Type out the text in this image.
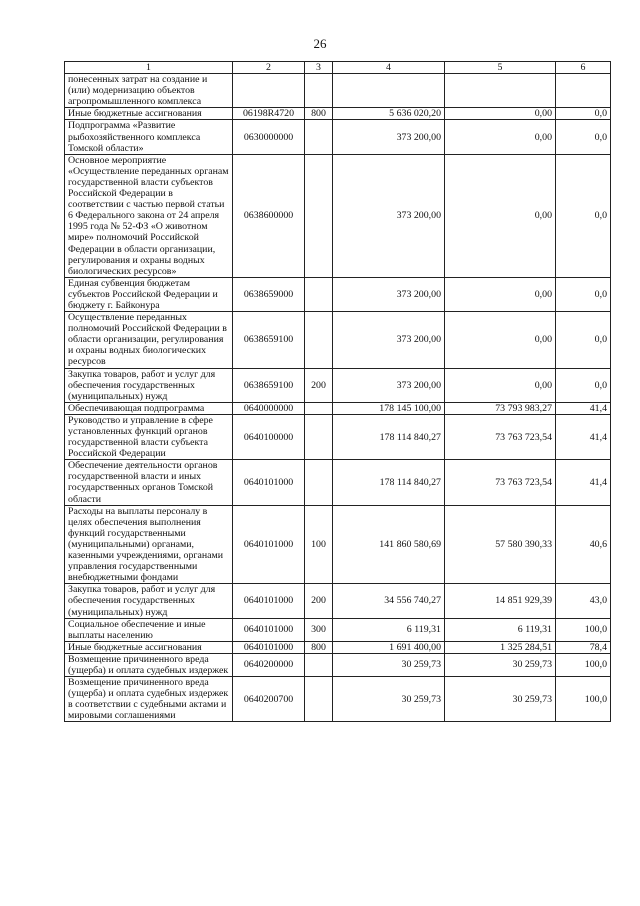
26
1	2	3	4	5	6
понесенных затрат на создание и (или) модернизацию объектов агропромышленного комплекса					
Иные бюджетные ассигнования	06198R4720	800	5 636 020,20	0,00	0,0
Подпрограмма «Развитие рыбохозяйственного комплекса Томской области»	0630000000		373 200,00	0,00	0,0
Основное мероприятие «Осуществление переданных органам государственной власти субъектов Российской Федерации в соответствии с частью первой статьи 6 Федерального закона от 24 апреля 1995 года № 52-ФЗ «О животном мире» полномочий Российской Федерации в области организации, регулирования и охраны водных биологических ресурсов»	0638600000		373 200,00	0,00	0,0
Единая субвенция бюджетам субъектов Российской Федерации и бюджету г. Байконура	0638659000		373 200,00	0,00	0,0
Осуществление переданных полномочий Российской Федерации в области организации, регулирования и охраны водных биологических ресурсов	0638659100		373 200,00	0,00	0,0
Закупка товаров, работ и услуг для обеспечения государственных (муниципальных) нужд	0638659100	200	373 200,00	0,00	0,0
Обеспечивающая подпрограмма	0640000000		178 145 100,00	73 793 983,27	41,4
Руководство и управление в сфере установленных функций органов государственной власти субъекта Российской Федерации	0640100000		178 114 840,27	73 763 723,54	41,4
Обеспечение деятельности органов государственной власти и иных государственных органов Томской области	0640101000		178 114 840,27	73 763 723,54	41,4
Расходы на выплаты персоналу в целях обеспечения выполнения функций государственными (муниципальными) органами, казенными учреждениями, органами управления государственными внебюджетными фондами	0640101000	100	141 860 580,69	57 580 390,33	40,6
Закупка товаров, работ и услуг для обеспечения государственных (муниципальных) нужд	0640101000	200	34 556 740,27	14 851 929,39	43,0
Социальное обеспечение и иные выплаты населению	0640101000	300	6 119,31	6 119,31	100,0
Иные бюджетные ассигнования	0640101000	800	1 691 400,00	1 325 284,51	78,4
Возмещение причиненного вреда (ущерба) и оплата судебных издержек	0640200000		30 259,73	30 259,73	100,0
Возмещение причиненного вреда (ущерба) и оплата судебных издержек в соответствии с судебными актами и мировыми соглашениями	0640200700		30 259,73	30 259,73	100,0
